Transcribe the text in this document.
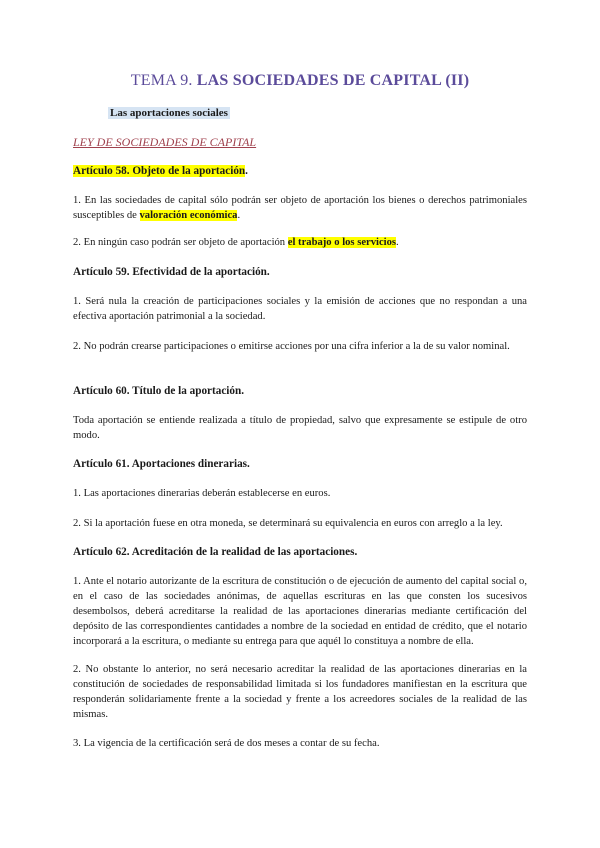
TEMA 9. LAS SOCIEDADES DE CAPITAL (II)
Las aportaciones sociales
LEY DE SOCIEDADES DE CAPITAL
Artículo 58. Objeto de la aportación.
1. En las sociedades de capital sólo podrán ser objeto de aportación los bienes o derechos patrimoniales susceptibles de valoración económica.
2. En ningún caso podrán ser objeto de aportación el trabajo o los servicios.
Artículo 59. Efectividad de la aportación.
1. Será nula la creación de participaciones sociales y la emisión de acciones que no respondan a una efectiva aportación patrimonial a la sociedad.
2. No podrán crearse participaciones o emitirse acciones por una cifra inferior a la de su valor nominal.
Artículo 60. Título de la aportación.
Toda aportación se entiende realizada a título de propiedad, salvo que expresamente se estipule de otro modo.
Artículo 61. Aportaciones dinerarias.
1. Las aportaciones dinerarias deberán establecerse en euros.
2. Si la aportación fuese en otra moneda, se determinará su equivalencia en euros con arreglo a la ley.
Artículo 62. Acreditación de la realidad de las aportaciones.
1. Ante el notario autorizante de la escritura de constitución o de ejecución de aumento del capital social o, en el caso de las sociedades anónimas, de aquellas escrituras en las que consten los sucesivos desembolsos, deberá acreditarse la realidad de las aportaciones dinerarias mediante certificación del depósito de las correspondientes cantidades a nombre de la sociedad en entidad de crédito, que el notario incorporará a la escritura, o mediante su entrega para que aquél lo constituya a nombre de ella.
2. No obstante lo anterior, no será necesario acreditar la realidad de las aportaciones dinerarias en la constitución de sociedades de responsabilidad limitada si los fundadores manifiestan en la escritura que responderán solidariamente frente a la sociedad y frente a los acreedores sociales de la realidad de las mismas.
3. La vigencia de la certificación será de dos meses a contar de su fecha.
